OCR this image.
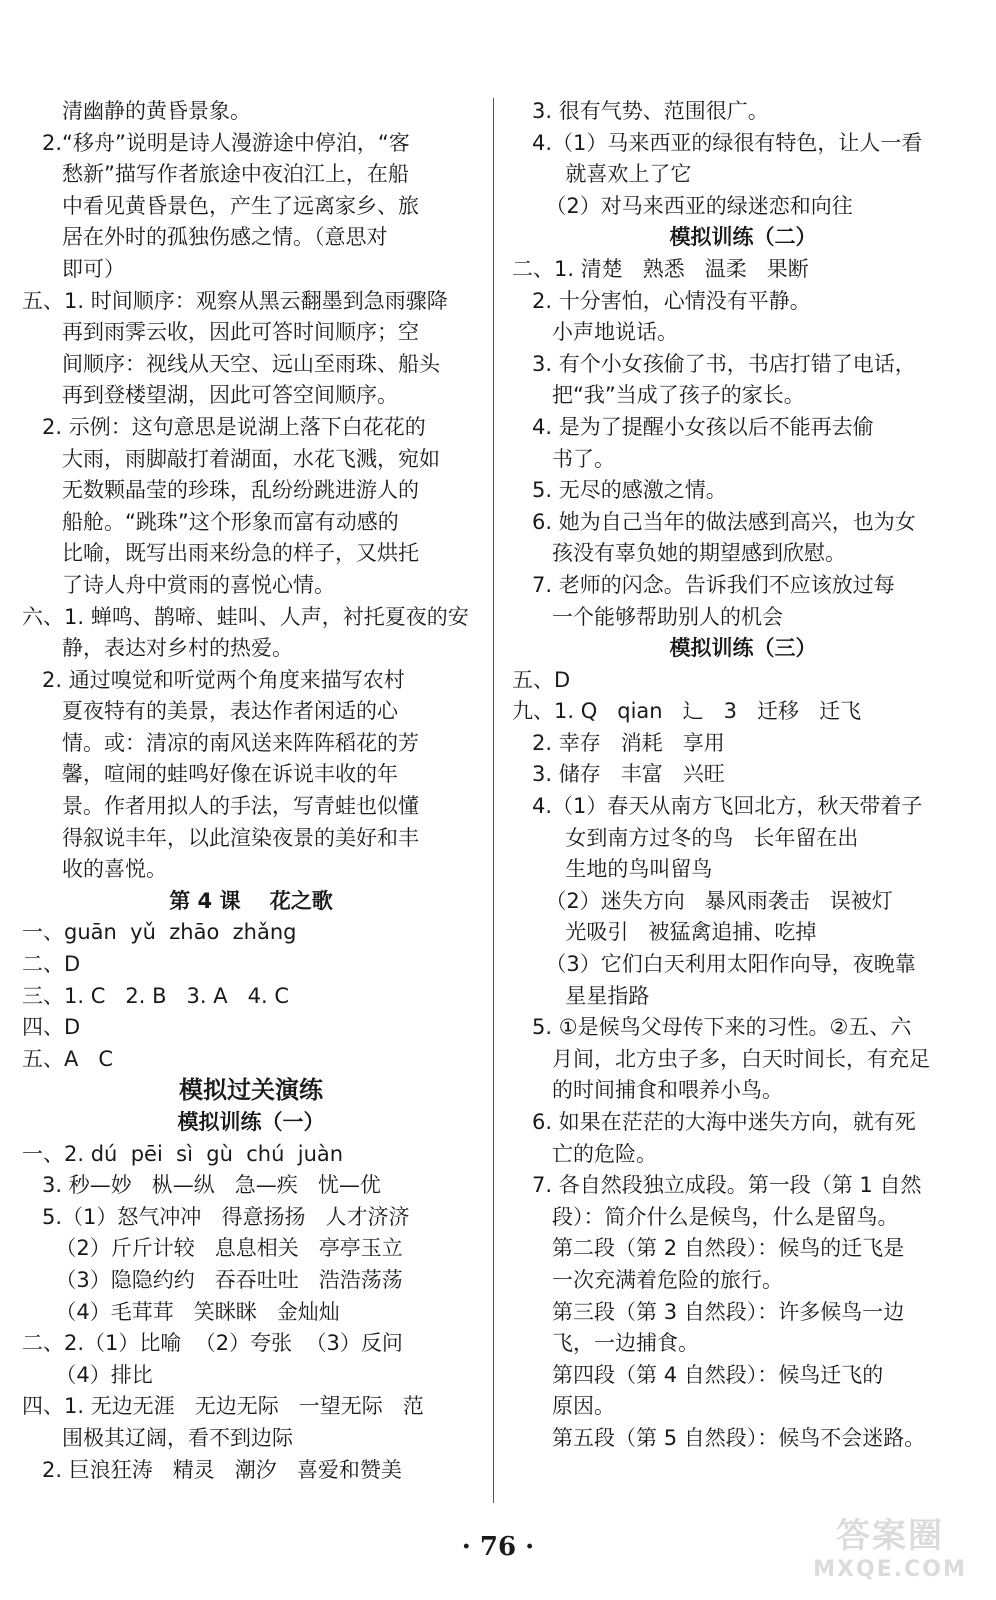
清幽静的黄昏景象。
2.“移舟”说明是诗人漫游途中停泊，“客
愁新”描写作者旅途中夜泊江上，在船
中看见黄昏景色，产生了远离家乡、旅
居在外时的孤独伤感之情。（意思对
即可）
五、1. 时间顺序：观察从黑云翻墨到急雨骤降
再到雨霁云收，因此可答时间顺序；空
间顺序：视线从天空、远山至雨珠、船头
再到登楼望湖，因此可答空间顺序。
2. 示例：这句意思是说湖上落下白花花的
大雨，雨脚敲打着湖面，水花飞溅，宛如
无数颗晶莹的珍珠，乱纷纷跳进游人的
船舱。“跳珠”这个形象而富有动感的
比喻，既写出雨来纷急的样子，又烘托
了诗人舟中赏雨的喜悦心情。
六、1. 蝉鸣、鹊啼、蛙叫、人声，衬托夏夜的安
静，表达对乡村的热爱。
2. 通过嗅觉和听觉两个角度来描写农村
夏夜特有的美景，表达作者闲适的心
情。或：清凉的南风送来阵阵稻花的芳
馨，喧闹的蛙鸣好像在诉说丰收的年
景。作者用拟人的手法，写青蛙也似懂
得叙说丰年，以此渲染夜景的美好和丰
收的喜悦。
第 4 课    花之歌
一、guān  yǔ  zhāo  zhǎng
二、D
三、1. C   2. B   3. A   4. C
四、D
五、A   C
模拟过关演练
模拟训练（一）
一、2. dú  pēi  sì  gù  chú  juàn
3. 秒—妙   枞—纵   急—疾   忧—优
5.（1）怒气冲冲   得意扬扬   人才济济
（2）斤斤计较   息息相关   亭亭玉立
（3）隐隐约约   吞吞吐吐   浩浩荡荡
（4）毛茸茸   笑眯眯   金灿灿
二、2.（1）比喻  （2）夸张  （3）反问
（4）排比
四、1. 无边无涯   无边无际   一望无际   范
围极其辽阔，看不到边际
2. 巨浪狂涛   精灵   潮汐   喜爱和赞美
3. 很有气势、范围很广。
4.（1）马来西亚的绿很有特色，让人一看
就喜欢上了它
（2）对马来西亚的绿迷恋和向往
模拟训练（二）
二、1. 清楚   熟悉   温柔   果断
2. 十分害怕，心情没有平静。
小声地说话。
3. 有个小女孩偷了书，书店打错了电话，
把“我”当成了孩子的家长。
4. 是为了提醒小女孩以后不能再去偷
书了。
5. 无尽的感激之情。
6. 她为自己当年的做法感到高兴，也为女
孩没有辜负她的期望感到欣慰。
7. 老师的闪念。告诉我们不应该放过每
一个能够帮助别人的机会
模拟训练（三）
五、D
九、1. Q   qian   辶   3   迁移   迁飞
2. 幸存   消耗   享用
3. 储存   丰富   兴旺
4.（1）春天从南方飞回北方，秋天带着子
女到南方过冬的鸟   长年留在出
生地的鸟叫留鸟
（2）迷失方向   暴风雨袭击   误被灯
光吸引   被猛禽追捕、吃掉
（3）它们白天利用太阳作向导，夜晚靠
星星指路
5. ①是候鸟父母传下来的习性。②五、六
月间，北方虫子多，白天时间长，有充足
的时间捕食和喂养小鸟。
6. 如果在茫茫的大海中迷失方向，就有死
亡的危险。
7. 各自然段独立成段。第一段（第 1 自然
段）：简介什么是候鸟，什么是留鸟。
第二段（第 2 自然段）：候鸟的迁飞是
一次充满着危险的旅行。
第三段（第 3 自然段）：许多候鸟一边
飞，一边捕食。
第四段（第 4 自然段）：候鸟迁飞的
原因。
第五段（第 5 自然段）：候鸟不会迷路。
· 76 ·	答案圈
MXQE.COM
